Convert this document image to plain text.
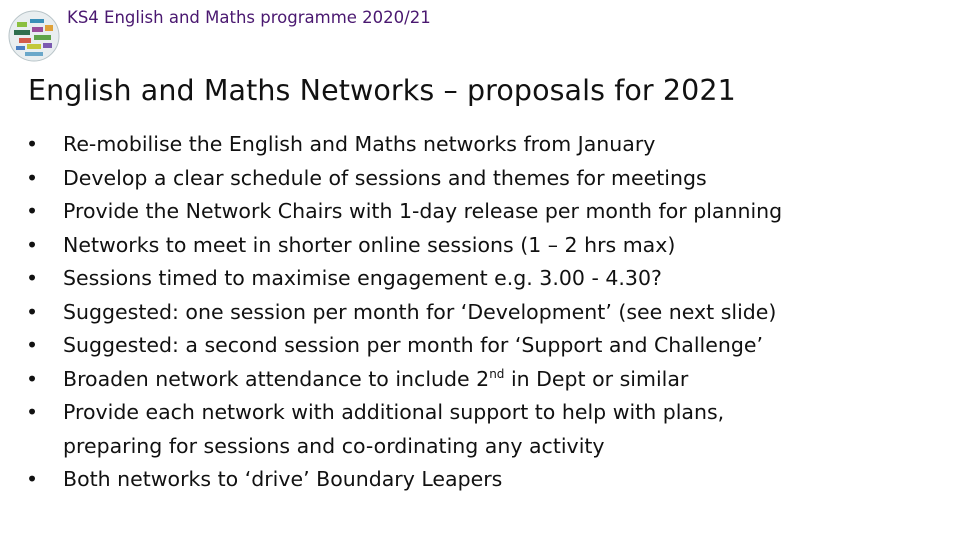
KS4 English and Maths programme 2020/21
English and Maths Networks – proposals for 2021
•	Re-mobilise the English and Maths networks from January
•	Develop a clear schedule of sessions and themes for meetings
•	Provide the Network Chairs with 1-day release per month for planning
•	Networks to meet in shorter online sessions (1 – 2 hrs max)
•	Sessions timed to maximise engagement e.g. 3.00 - 4.30?
•	Suggested: one session per month for ‘Development’ (see next slide)
•	Suggested: a second session per month for ‘Support and Challenge’
•	Broaden network attendance to include 2nd in Dept or similar
•	Provide each network with additional support to help with plans,
preparing for sessions and co-ordinating any activity
•	Both networks to ‘drive’ Boundary Leapers
